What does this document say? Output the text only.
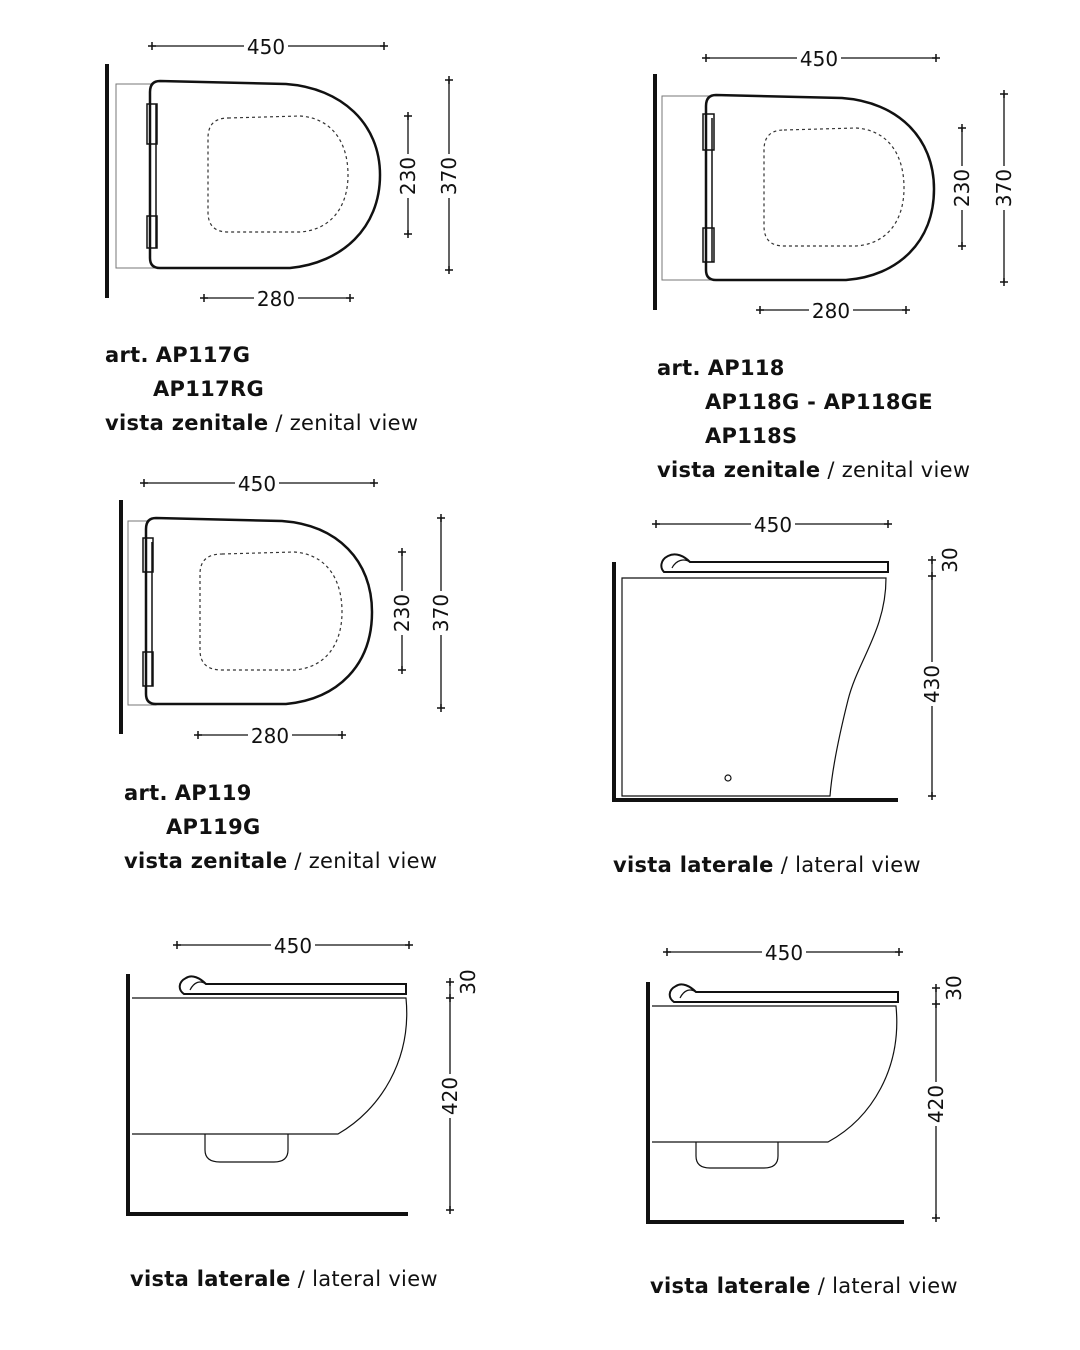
450
370
230
280
450
370
230
280
450
370
230
280
450
30
430
450
30
420
450
30
420
art. AP117G
AP117RG
vista zenitale / zenital view
art. AP118
AP118G - AP118GE
AP118S
vista zenitale / zenital view
art. AP119
AP119G
vista zenitale / zenital view	vista laterale / lateral view
vista laterale / lateral view	vista laterale / lateral view
